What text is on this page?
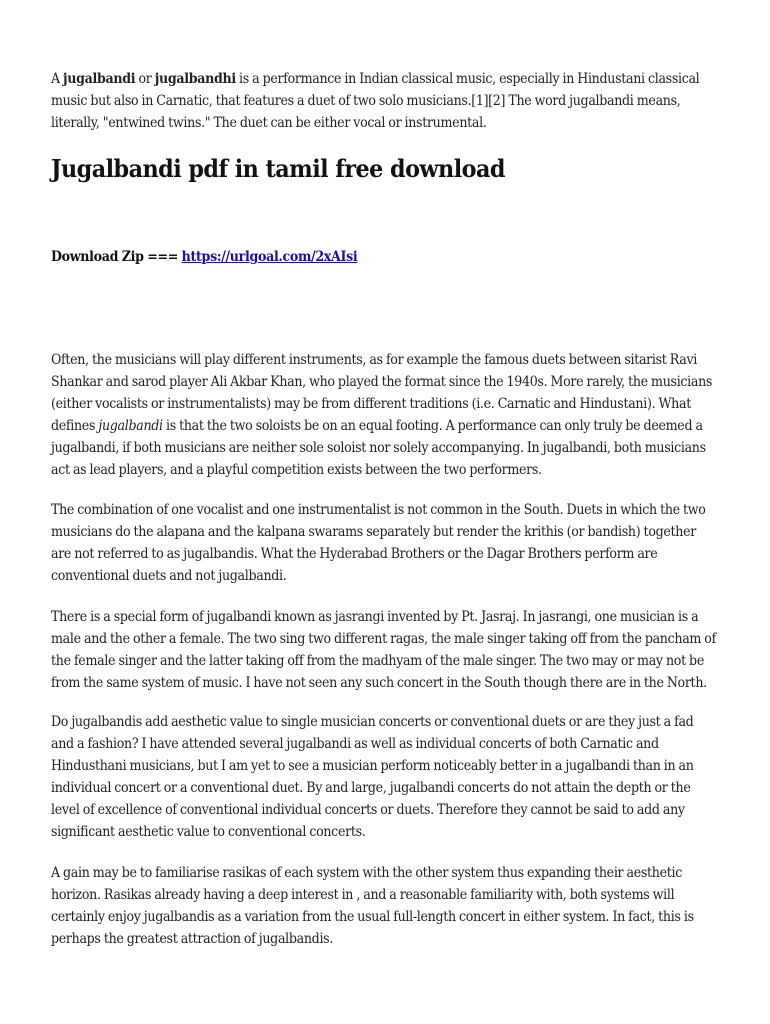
A jugalbandi or jugalbandhi is a performance in Indian classical music, especially in Hindustani classical music but also in Carnatic, that features a duet of two solo musicians.[1][2] The word jugalbandi means, literally, "entwined twins." The duet can be either vocal or instrumental.

Jugalbandi pdf in tamil free download

Download Zip === https://urlgoal.com/2xAIsi

Often, the musicians will play different instruments, as for example the famous duets between sitarist Ravi Shankar and sarod player Ali Akbar Khan, who played the format since the 1940s. More rarely, the musicians (either vocalists or instrumentalists) may be from different traditions (i.e. Carnatic and Hindustani). What defines jugalbandi is that the two soloists be on an equal footing. A performance can only truly be deemed a jugalbandi, if both musicians are neither sole soloist nor solely accompanying. In jugalbandi, both musicians act as lead players, and a playful competition exists between the two performers.

The combination of one vocalist and one instrumentalist is not common in the South. Duets in which the two musicians do the alapana and the kalpana swarams separately but render the krithis (or bandish) together are not referred to as jugalbandis. What the Hyderabad Brothers or the Dagar Brothers perform are conventional duets and not jugalbandi.

There is a special form of jugalbandi known as jasrangi invented by Pt. Jasraj. In jasrangi, one musician is a male and the other a female. The two sing two different ragas, the male singer taking off from the pancham of the female singer and the latter taking off from the madhyam of the male singer. The two may or may not be from the same system of music. I have not seen any such concert in the South though there are in the North.

Do jugalbandis add aesthetic value to single musician concerts or conventional duets or are they just a fad and a fashion? I have attended several jugalbandi as well as individual concerts of both Carnatic and Hindusthani musicians, but I am yet to see a musician perform noticeably better in a jugalbandi than in an individual concert or a conventional duet. By and large, jugalbandi concerts do not attain the depth or the level of excellence of conventional individual concerts or duets. Therefore they cannot be said to add any significant aesthetic value to conventional concerts.

A gain may be to familiarise rasikas of each system with the other system thus expanding their aesthetic horizon. Rasikas already having a deep interest in , and a reasonable familiarity with, both systems will certainly enjoy jugalbandis as a variation from the usual full-length concert in either system. In fact, this is perhaps the greatest attraction of jugalbandis.
